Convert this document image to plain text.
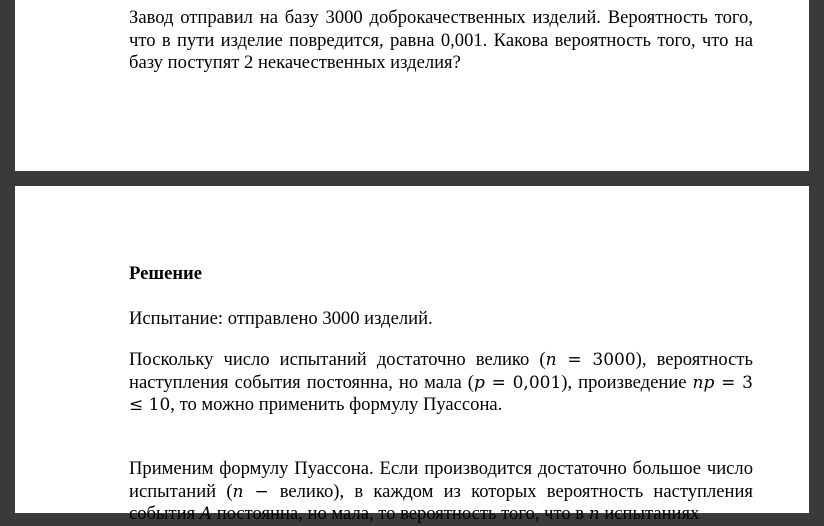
Завод отправил на базу 3000 доброкачественных изделий. Вероятность того, что в пути изделие повредится, равна 0,001. Какова вероятность того, что на базу поступят 2 некачественных изделия?

Решение

Испытание: отправлено 3000 изделий.

Поскольку число испытаний достаточно велико (n = 3000), вероятность наступления события постоянна, но мала (p = 0,001), произведение np = 3 ≤ 10, то можно применить формулу Пуассона.

Применим формулу Пуассона. Если производится достаточно большое число испытаний (n − велико), в каждом из которых вероятность наступления события A постоянна, но мала, то вероятность того, что в n испытаниях
